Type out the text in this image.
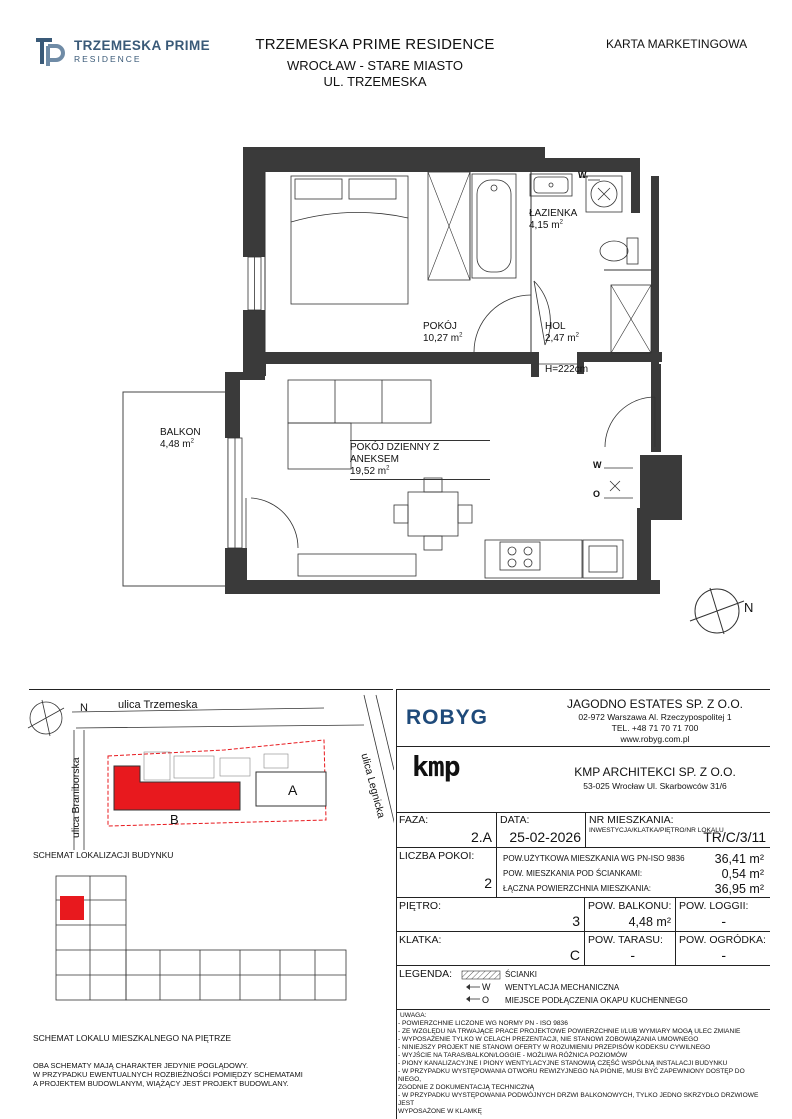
TRZEMESKA PRIME
RESIDENCE
TRZEMESKA PRIME RESIDENCE
WROCŁAW - STARE MIASTO
UL. TRZEMESKA
KARTA MARKETINGOWA
ŁAZIENKA
4,15 $m^2$
POKÓJ
10,27 $m^2$
HOL
2,47 $m^2$
BALKON
4,48 $m^2$
POKÓJ DZIENNY Z ANEKSEM
19,52 $m^2$
H=222cm
W
W
O
N
ulica Trzemeska
ulica Braniborska	ulica Legnicka
N
A
B
SCHEMAT LOKALIZACJI BUDYNKU
SCHEMAT LOKALU MIESZKALNEGO NA PIĘTRZE
OBA SCHEMATY MAJĄ CHARAKTER JEDYNIE POGLĄDOWY.
W PRZYPADKU EWENTUALNYCH ROZBIEŻNOŚCI POMIĘDZY SCHEMATAMI
A PROJEKTEM BUDOWLANYM, WIĄŻĄCY JEST PROJEKT BUDOWLANY.
ROBYG
JAGODNO ESTATES SP. Z O.O.
02-972 Warszawa Al. Rzeczypospolitej 1
TEL. +48 71 70 71 700
www.robyg.com.pl
kmp	KMP ARCHITEKCI SP. Z O.O.
53-025 Wrocław Ul. Skarbowców 31/6
FAZA:
2.A
DATA:
25-02-2026
NR MIESZKANIA:
INWESTYCJA/KLATKA/PIĘTRO/NR LOKALU
TR/C/3/11
LICZBA POKOI:
2
POW.UŻYTKOWA MIESZKANIA WG PN-ISO 9836 36,41 m²
POW. MIESZKANIA POD ŚCIANKAMI:	0,54 m²
ŁĄCZNA POWIERZCHNIA MIESZKANIA:	36,95 m²
PIĘTRO:
3
POW. BALKONU:
4,48 m²
POW. LOGGII:
-
KLATKA:
C
POW. TARASU:
-
POW. OGRÓDKA:
-
LEGENDA:	ŚCIANKI
W WENTYLACJA MECHANICZNA
O MIEJSCE PODŁĄCZENIA OKAPU KUCHENNEGO
UWAGA:
- POWIERZCHNIE LICZONE WG NORMY PN - ISO 9836
- ZE WZGLĘDU NA TRWAJĄCE PRACE PROJEKTOWE POWIERZCHNIE I/LUB WYMIARY MOGĄ ULEC ZMIANIE
- WYPOSAŻENIE TYLKO W CELACH PREZENTACJI, NIE STANOWI ZOBOWIĄZANIA UMOWNEGO
- NINIEJSZY PROJEKT NIE STANOWI OFERTY W ROZUMIENIU PRZEPISÓW KODEKSU CYWILNEGO
- WYJŚCIE NA TARAS/BALKON/LOGGIE - MOŻLIWA RÓŻNICA POZIOMÓW
- PIONY KANALIZACYJNE I PIONY WENTYLACYJNE STANOWIĄ CZĘŚĆ WSPÓLNĄ INSTALACJI BUDYNKU
- W PRZYPADKU WYSTĘPOWANIA OTWORU REWIZYJNEGO NA PIONIE, MUSI BYĆ ZAPEWNIONY DOSTĘP DO NIEGO,
ZGODNIE Z DOKUMENTACJĄ TECHNICZNĄ
- W PRZYPADKU WYSTĘPOWANIA PODWÓJNYCH DRZWI BALKONOWYCH, TYLKO JEDNO SKRZYDŁO DRZWIOWE JEST
WYPOSAŻONE W KLAMKĘ
